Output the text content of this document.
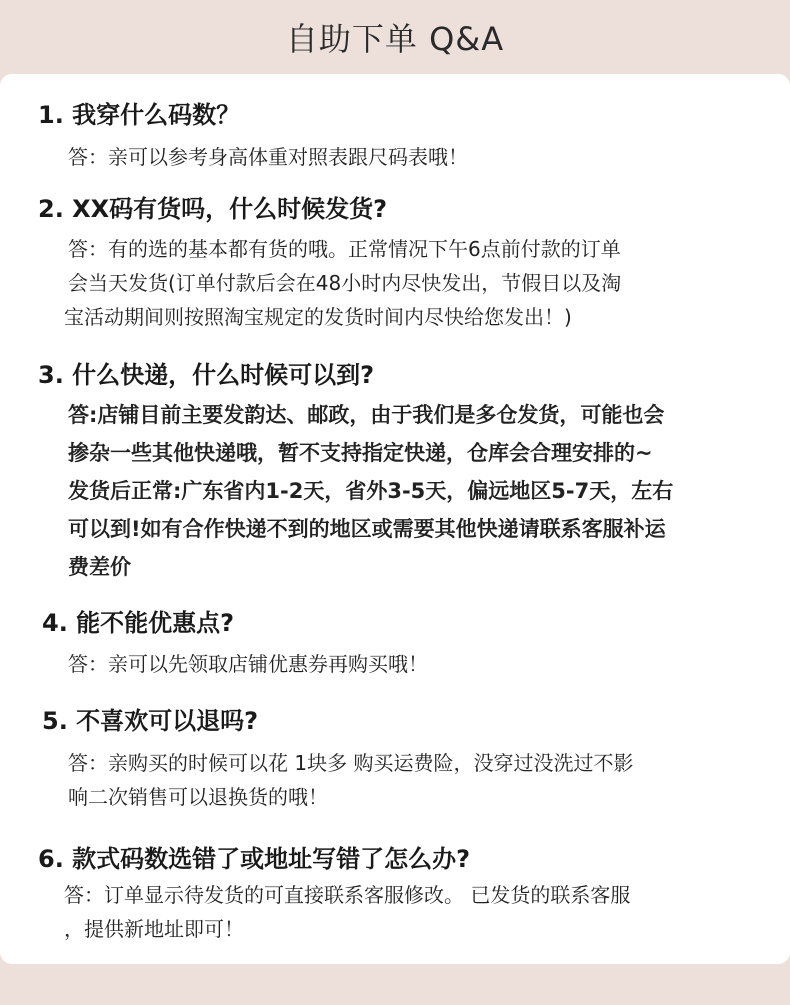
自助下单 Q&A
1. 我穿什么码数？
答：亲可以参考身高体重对照表跟尺码表哦！
2. XX码有货吗，什么时候发货?
答：有的选的基本都有货的哦。正常情况下午6点前付款的订单
会当天发货(订单付款后会在48小时内尽快发出，节假日以及淘
宝活动期间则按照淘宝规定的发货时间内尽快给您发出！)
3. 什么快递，什么时候可以到?
答:店铺目前主要发韵达、邮政，由于我们是多仓发货，可能也会
掺杂一些其他快递哦，暂不支持指定快递，仓库会合理安排的~
发货后正常:广东省内1-2天，省外3-5天，偏远地区5-7天，左右
可以到!如有合作快递不到的地区或需要其他快递请联系客服补运
费差价
4. 能不能优惠点?
答：亲可以先领取店铺优惠券再购买哦！
5. 不喜欢可以退吗?
答：亲购买的时候可以花 1块多 购买运费险，没穿过没洗过不影
响二次销售可以退换货的哦！
6. 款式码数选错了或地址写错了怎么办?
答：订单显示待发货的可直接联系客服修改。 已发货的联系客服
，提供新地址即可！
